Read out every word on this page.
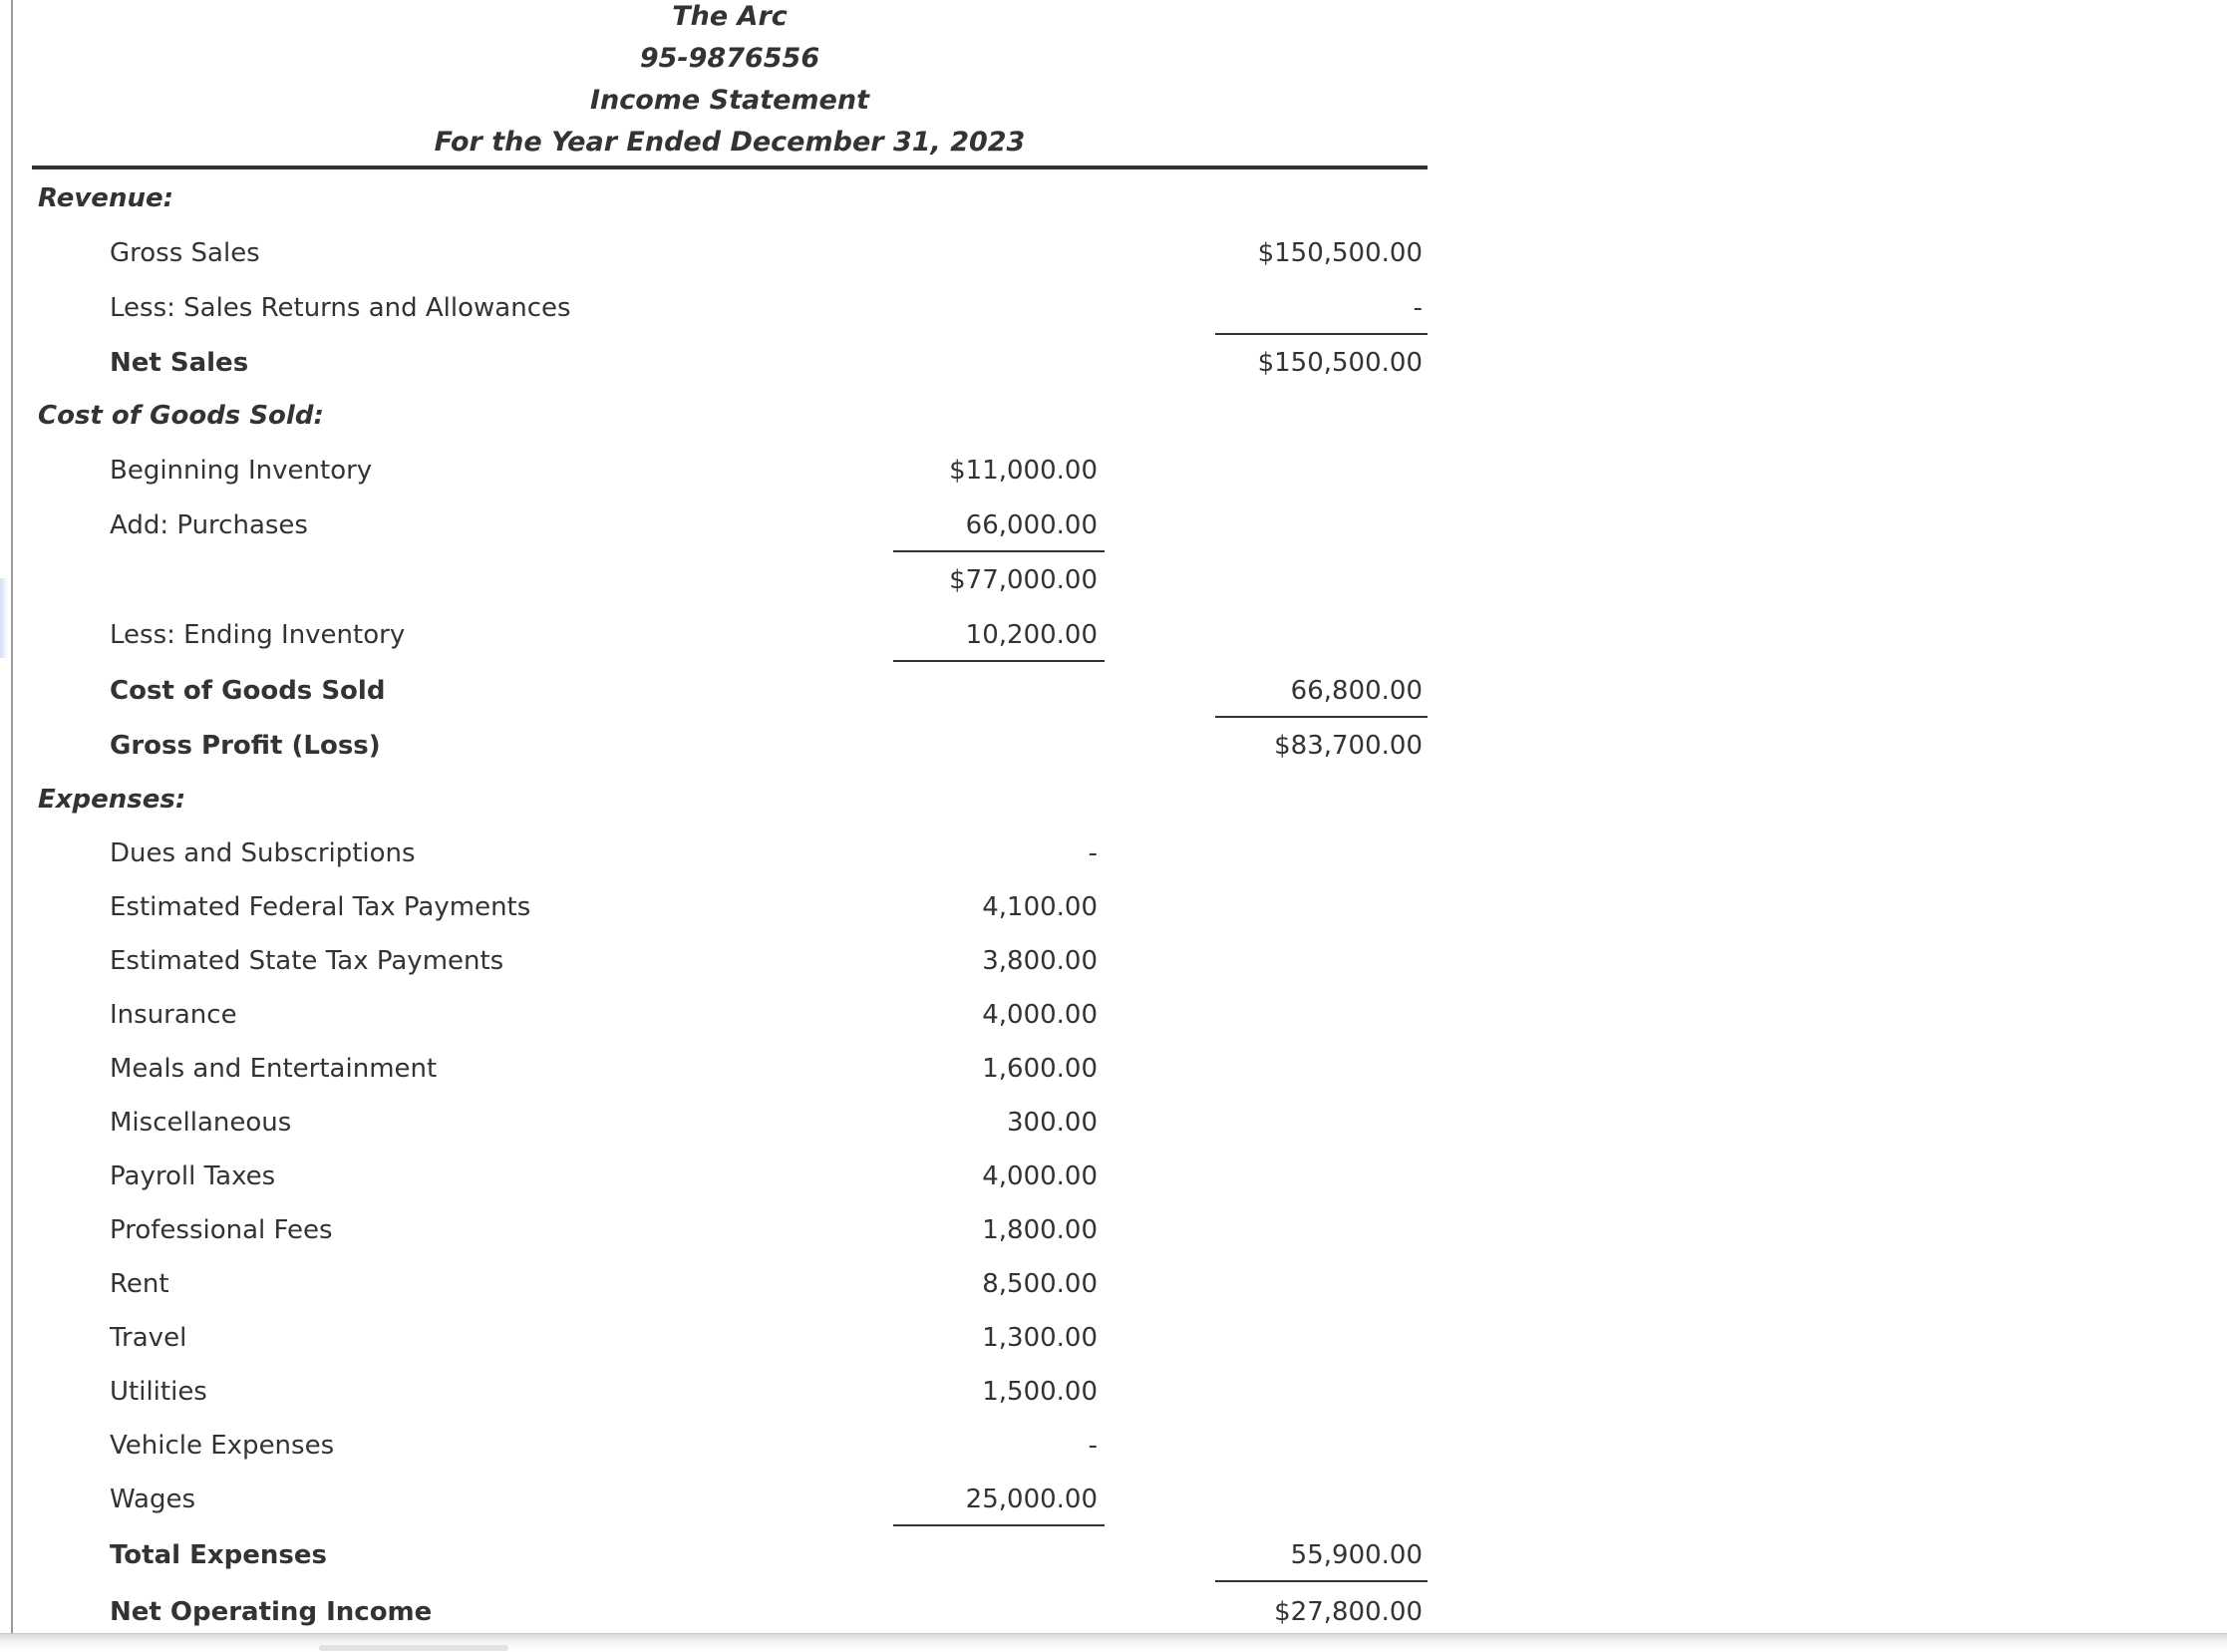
The Arc
95-9876556
Income Statement
For the Year Ended December 31, 2023
Revenue:
Gross Sales	$150,500.00
Less: Sales Returns and Allowances	-
Net Sales	$150,500.00
Cost of Goods Sold:
Beginning Inventory	$11,000.00
Add: Purchases	66,000.00
$77,000.00
Less: Ending Inventory	10,200.00
Cost of Goods Sold	66,800.00
Gross Profit (Loss)	$83,700.00
Expenses:
Dues and Subscriptions	-
Estimated Federal Tax Payments	4,100.00
Estimated State Tax Payments	3,800.00
Insurance	4,000.00
Meals and Entertainment	1,600.00
Miscellaneous	300.00
Payroll Taxes	4,000.00
Professional Fees	1,800.00
Rent	8,500.00
Travel	1,300.00
Utilities	1,500.00
Vehicle Expenses	-
Wages	25,000.00
Total Expenses	55,900.00
Net Operating Income	$27,800.00
